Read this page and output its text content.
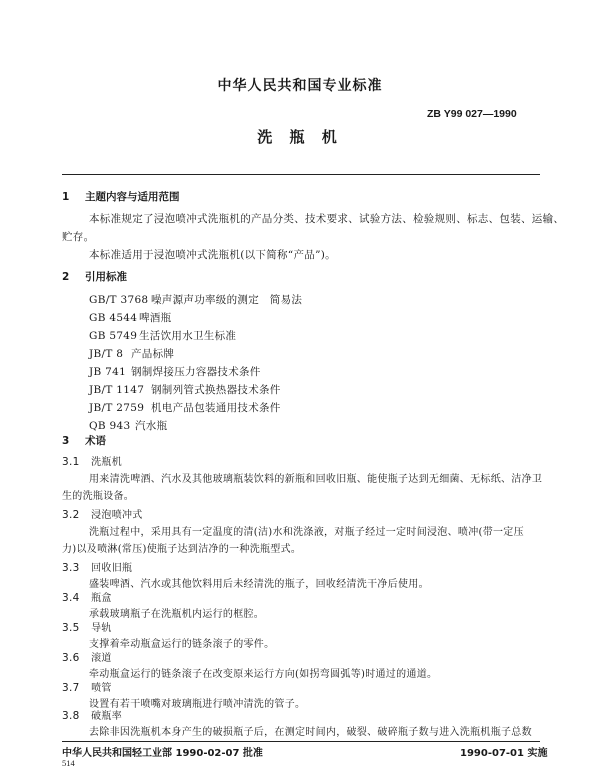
中华人民共和国专业标准
ZB Y99 027—1990
洗 瓶 机
1 主题内容与适用范围
本标准规定了浸泡喷冲式洗瓶机的产品分类、技术要求、试验方法、检验规则、标志、包装、运输、
贮存。
本标准适用于浸泡喷冲式洗瓶机(以下简称“产品”)。
2 引用标准
GB/T 3768 噪声源声功率级的测定　简易法
GB 4544 啤酒瓶
GB 5749 生活饮用水卫生标准
JB/T 8 产品标牌
JB 741 钢制焊接压力容器技术条件
JB/T 1147 钢制列管式换热器技术条件
JB/T 2759 机电产品包装通用技术条件
QB 943 汽水瓶
3 术语
3.1 洗瓶机
用来清洗啤酒、汽水及其他玻璃瓶装饮料的新瓶和回收旧瓶、能使瓶子达到无细菌、无标纸、洁净卫
生的洗瓶设备。
3.2 浸泡喷冲式
洗瓶过程中，采用具有一定温度的清(洁)水和洗涤液，对瓶子经过一定时间浸泡、喷冲(带一定压
力)以及喷淋(常压)使瓶子达到洁净的一种洗瓶型式。
3.3 回收旧瓶
盛装啤酒、汽水或其他饮料用后未经清洗的瓶子，回收经清洗干净后使用。
3.4 瓶盒
承载玻璃瓶子在洗瓶机内运行的框腔。
3.5 导轨
支撑着牵动瓶盒运行的链条滚子的零件。
3.6 滚道
牵动瓶盒运行的链条滚子在改变原来运行方向(如拐弯圆弧等)时通过的通道。
3.7 喷管
设置有若干喷嘴对玻璃瓶进行喷冲清洗的管子。
3.8 破瓶率
去除非因洗瓶机本身产生的破损瓶子后，在测定时间内，破裂、破碎瓶子数与进入洗瓶机瓶子总数
中华人民共和国轻工业部 1990-02-07 批准	1990-07-01 实施
514
